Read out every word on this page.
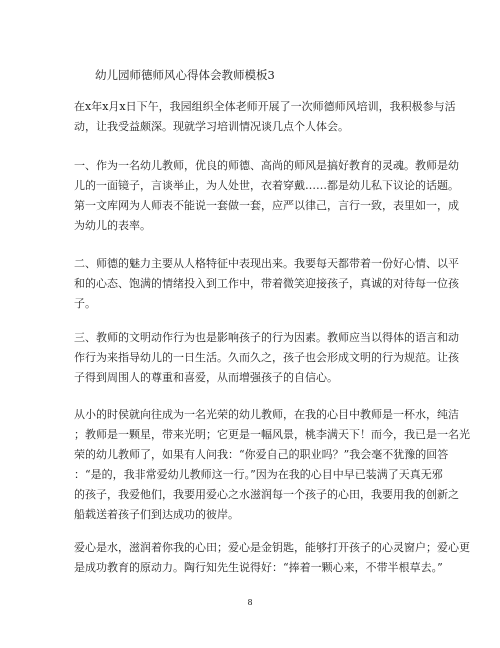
幼儿园师德师风心得体会教师模板3
在x年x月x日下午，我园组织全体老师开展了一次师德师风培训，我积极参与活
动，让我受益颇深。现就学习培训情况谈几点个人体会。
一、作为一名幼儿教师，优良的师德、高尚的师风是搞好教育的灵魂。教师是幼
儿的一面镜子，言谈举止，为人处世，衣着穿戴……都是幼儿私下议论的话题。
第一文库网为人师表不能说一套做一套，应严以律己，言行一致，表里如一，成
为幼儿的表率。
二、师德的魅力主要从人格特征中表现出来。我要每天都带着一份好心情、以平
和的心态、饱满的情绪投入到工作中，带着微笑迎接孩子，真诚的对待每一位孩
子。
三、教师的文明动作行为也是影响孩子的行为因素。教师应当以得体的语言和动
作行为来指导幼儿的一日生活。久而久之，孩子也会形成文明的行为规范。让孩
子得到周围人的尊重和喜爱，从而增强孩子的自信心。
从小的时侯就向往成为一名光荣的幼儿教师，在我的心目中教师是一杯水，纯洁
；教师是一颗星，带来光明；它更是一幅风景，桃李满天下！而今，我已是一名光
荣的幼儿教师了，如果有人问我：“你爱自己的职业吗？”我会毫不犹豫的回答
：“是的，我非常爱幼儿教师这一行。”因为在我的心目中早已装满了天真无邪
的孩子，我爱他们，我要用爱心之水滋润每一个孩子的心田，我要用我的创新之
船载送着孩子们到达成功的彼岸。
爱心是水，滋润着你我的心田；爱心是金钥匙，能够打开孩子的心灵窗户；爱心更
是成功教育的原动力。陶行知先生说得好：“捧着一颗心来，不带半根草去。”
8
